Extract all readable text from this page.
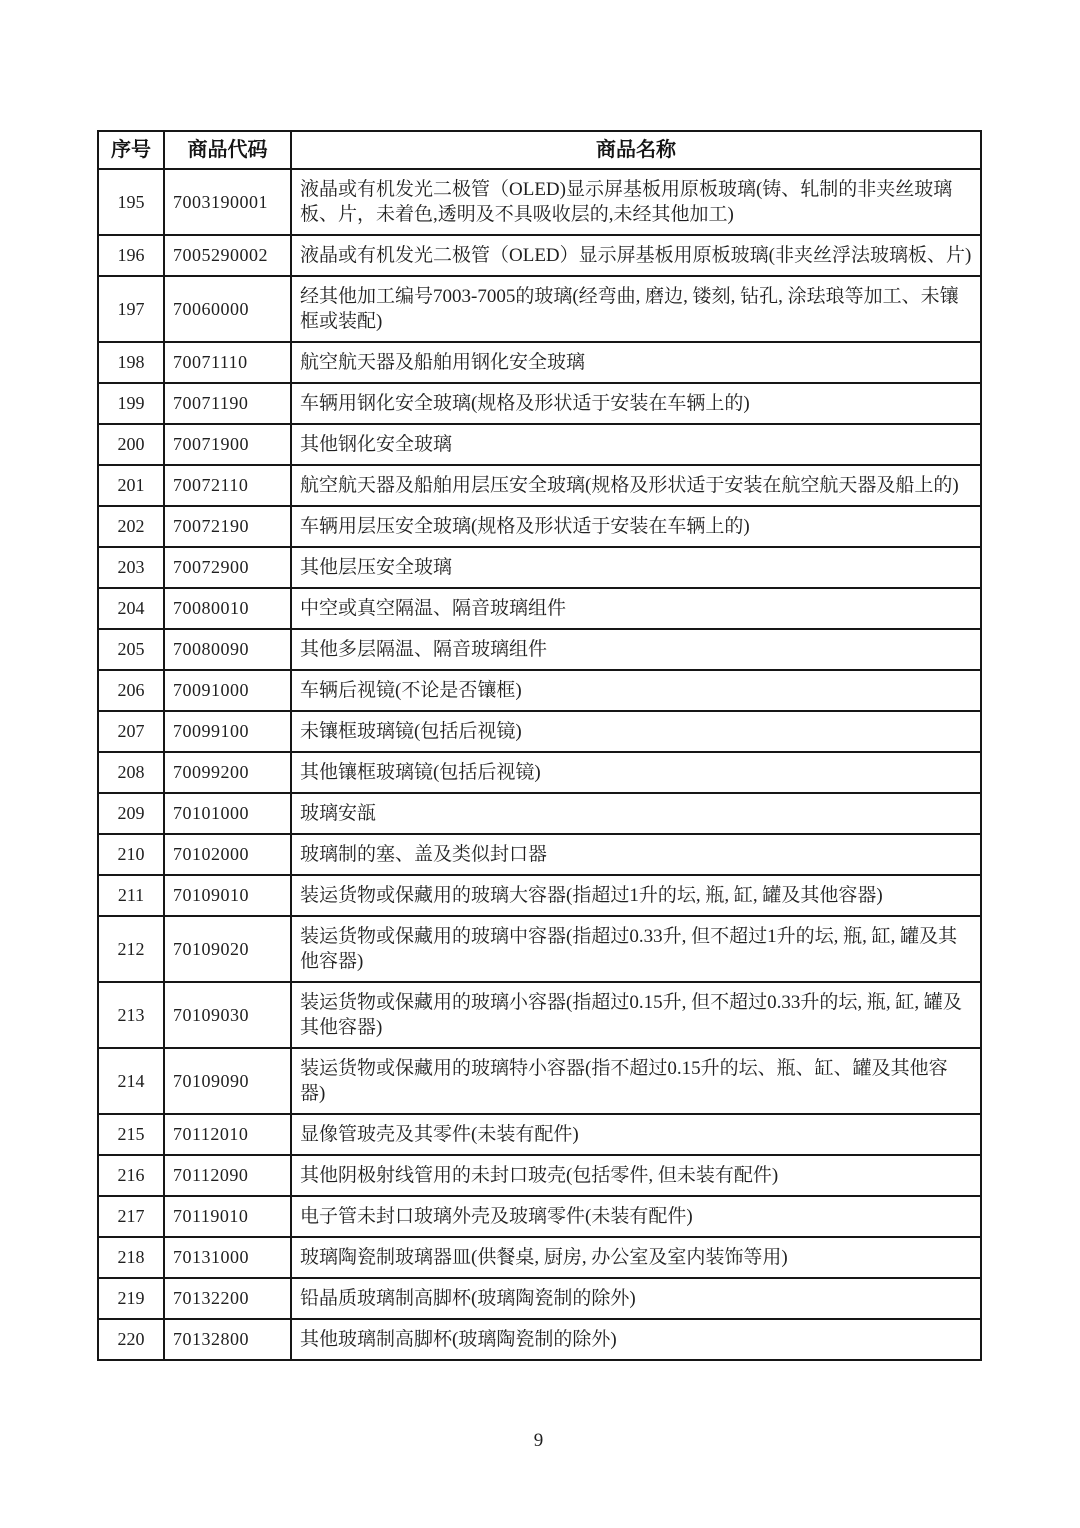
序号	商品代码	商品名称
195	7003190001	液晶或有机发光二极管（OLED)显示屏基板用原板玻璃(铸、轧制的非夹丝玻璃板、片，未着色,透明及不具吸收层的,未经其他加工)
196	7005290002	液晶或有机发光二极管（OLED）显示屏基板用原板玻璃(非夹丝浮法玻璃板、片)
197	70060000	经其他加工编号7003-7005的玻璃(经弯曲, 磨边, 镂刻, 钻孔, 涂珐琅等加工、未镶框或装配)
198	70071110	航空航天器及船舶用钢化安全玻璃
199	70071190	车辆用钢化安全玻璃(规格及形状适于安装在车辆上的)
200	70071900	其他钢化安全玻璃
201	70072110	航空航天器及船舶用层压安全玻璃(规格及形状适于安装在航空航天器及船上的)
202	70072190	车辆用层压安全玻璃(规格及形状适于安装在车辆上的)
203	70072900	其他层压安全玻璃
204	70080010	中空或真空隔温、隔音玻璃组件
205	70080090	其他多层隔温、隔音玻璃组件
206	70091000	车辆后视镜(不论是否镶框)
207	70099100	未镶框玻璃镜(包括后视镜)
208	70099200	其他镶框玻璃镜(包括后视镜)
209	70101000	玻璃安瓿
210	70102000	玻璃制的塞、盖及类似封口器
211	70109010	装运货物或保藏用的玻璃大容器(指超过1升的坛, 瓶, 缸, 罐及其他容器)
212	70109020	装运货物或保藏用的玻璃中容器(指超过0.33升, 但不超过1升的坛, 瓶, 缸, 罐及其他容器)
213	70109030	装运货物或保藏用的玻璃小容器(指超过0.15升, 但不超过0.33升的坛, 瓶, 缸, 罐及其他容器)
214	70109090	装运货物或保藏用的玻璃特小容器(指不超过0.15升的坛、瓶、缸、罐及其他容器)
215	70112010	显像管玻壳及其零件(未装有配件)
216	70112090	其他阴极射线管用的未封口玻壳(包括零件, 但未装有配件)
217	70119010	电子管未封口玻璃外壳及玻璃零件(未装有配件)
218	70131000	玻璃陶瓷制玻璃器皿(供餐桌, 厨房, 办公室及室内装饰等用)
219	70132200	铅晶质玻璃制高脚杯(玻璃陶瓷制的除外)
220	70132800	其他玻璃制高脚杯(玻璃陶瓷制的除外)
9
